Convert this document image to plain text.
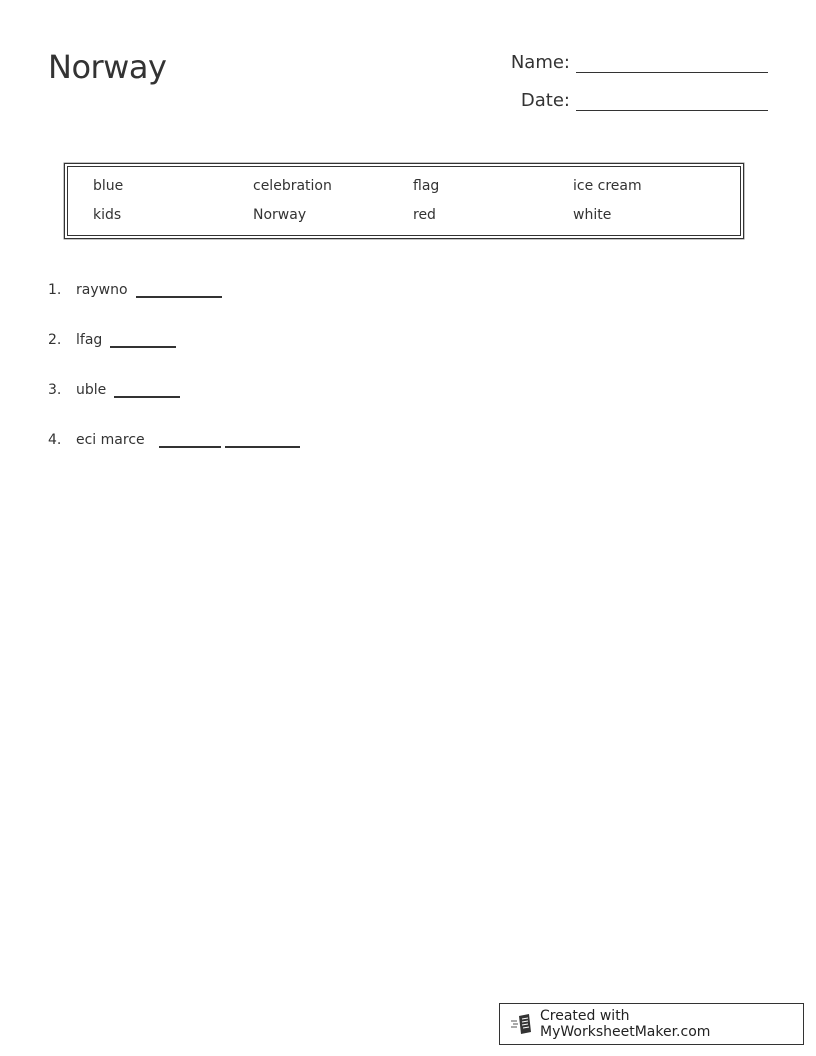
Norway	Name:
Date:
blue	celebration	flag	ice cream
kids	Norway	red	white
1.	raywno
2.	lfag
3.	uble
4.	eci marce
Created with MyWorksheetMaker.com
